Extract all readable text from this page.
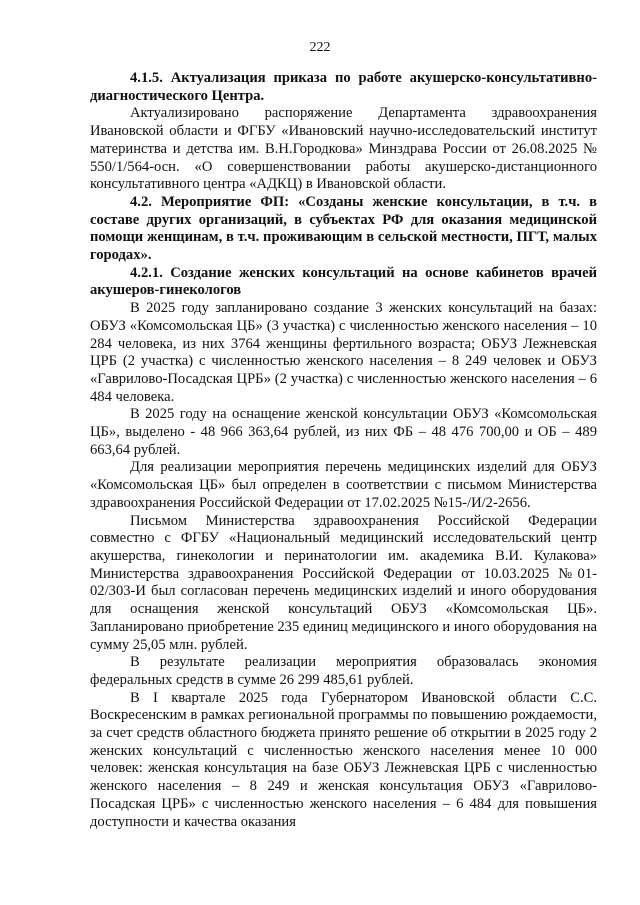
222

4.1.5. Актуализация приказа по работе акушерско-консультативно-диагностического Центра.

Актуализировано распоряжение Департамента здравоохранения Ивановской области и ФГБУ «Ивановский научно-исследовательский институт материнства и детства им. В.Н.Городкова» Минздрава России от 26.08.2025 № 550/1/564-осн. «О совершенствовании работы акушерско-дистанционного консультативного центра «АДКЦ) в Ивановской области.

4.2. Мероприятие ФП: «Созданы женские консультации, в т.ч. в составе других организаций, в субъектах РФ для оказания медицинской помощи женщинам, в т.ч. проживающим в сельской местности, ПГТ, малых городах».

4.2.1. Создание женских консультаций на основе кабинетов врачей акушеров-гинекологов

В 2025 году запланировано создание 3 женских консультаций на базах: ОБУЗ «Комсомольская ЦБ» (3 участка) с численностью женского населения – 10 284 человека, из них 3764 женщины фертильного возраста; ОБУЗ Лежневская ЦРБ (2 участка) с численностью женского населения – 8 249 человек и ОБУЗ «Гаврилово-Посадская ЦРБ» (2 участка) с численностью женского населения – 6 484 человека.

В 2025 году на оснащение женской консультации ОБУЗ «Комсомольская ЦБ», выделено - 48 966 363,64 рублей, из них ФБ – 48 476 700,00 и ОБ – 489 663,64 рублей.

Для реализации мероприятия перечень медицинских изделий для ОБУЗ «Комсомольская ЦБ» был определен в соответствии с письмом Министерства здравоохранения Российской Федерации от 17.02.2025 №15-/И/2-2656.

Письмом Министерства здравоохранения Российской Федерации совместно с ФГБУ «Национальный медицинский исследовательский центр акушерства, гинекологии и перинатологии им. академика В.И. Кулакова» Министерства здравоохранения Российской Федерации от 10.03.2025 №01-02/303-И был согласован перечень медицинских изделий и иного оборудования для оснащения женской консультаций ОБУЗ «Комсомольская ЦБ». Запланировано приобретение 235 единиц медицинского и иного оборудования на сумму 25,05 млн. рублей.

В результате реализации мероприятия образовалась экономия федеральных средств в сумме 26 299 485,61 рублей.

В I квартале 2025 года Губернатором Ивановской области С.С. Воскресенским в рамках региональной программы по повышению рождаемости, за счет средств областного бюджета принято решение об открытии в 2025 году 2 женских консультаций с численностью женского населения менее 10 000 человек: женская консультация на базе ОБУЗ Лежневская ЦРБ с численностью женского населения – 8 249 и женская консультация ОБУЗ «Гаврилово-Посадская ЦРБ» с численностью женского населения – 6 484 для повышения доступности и качества оказания
